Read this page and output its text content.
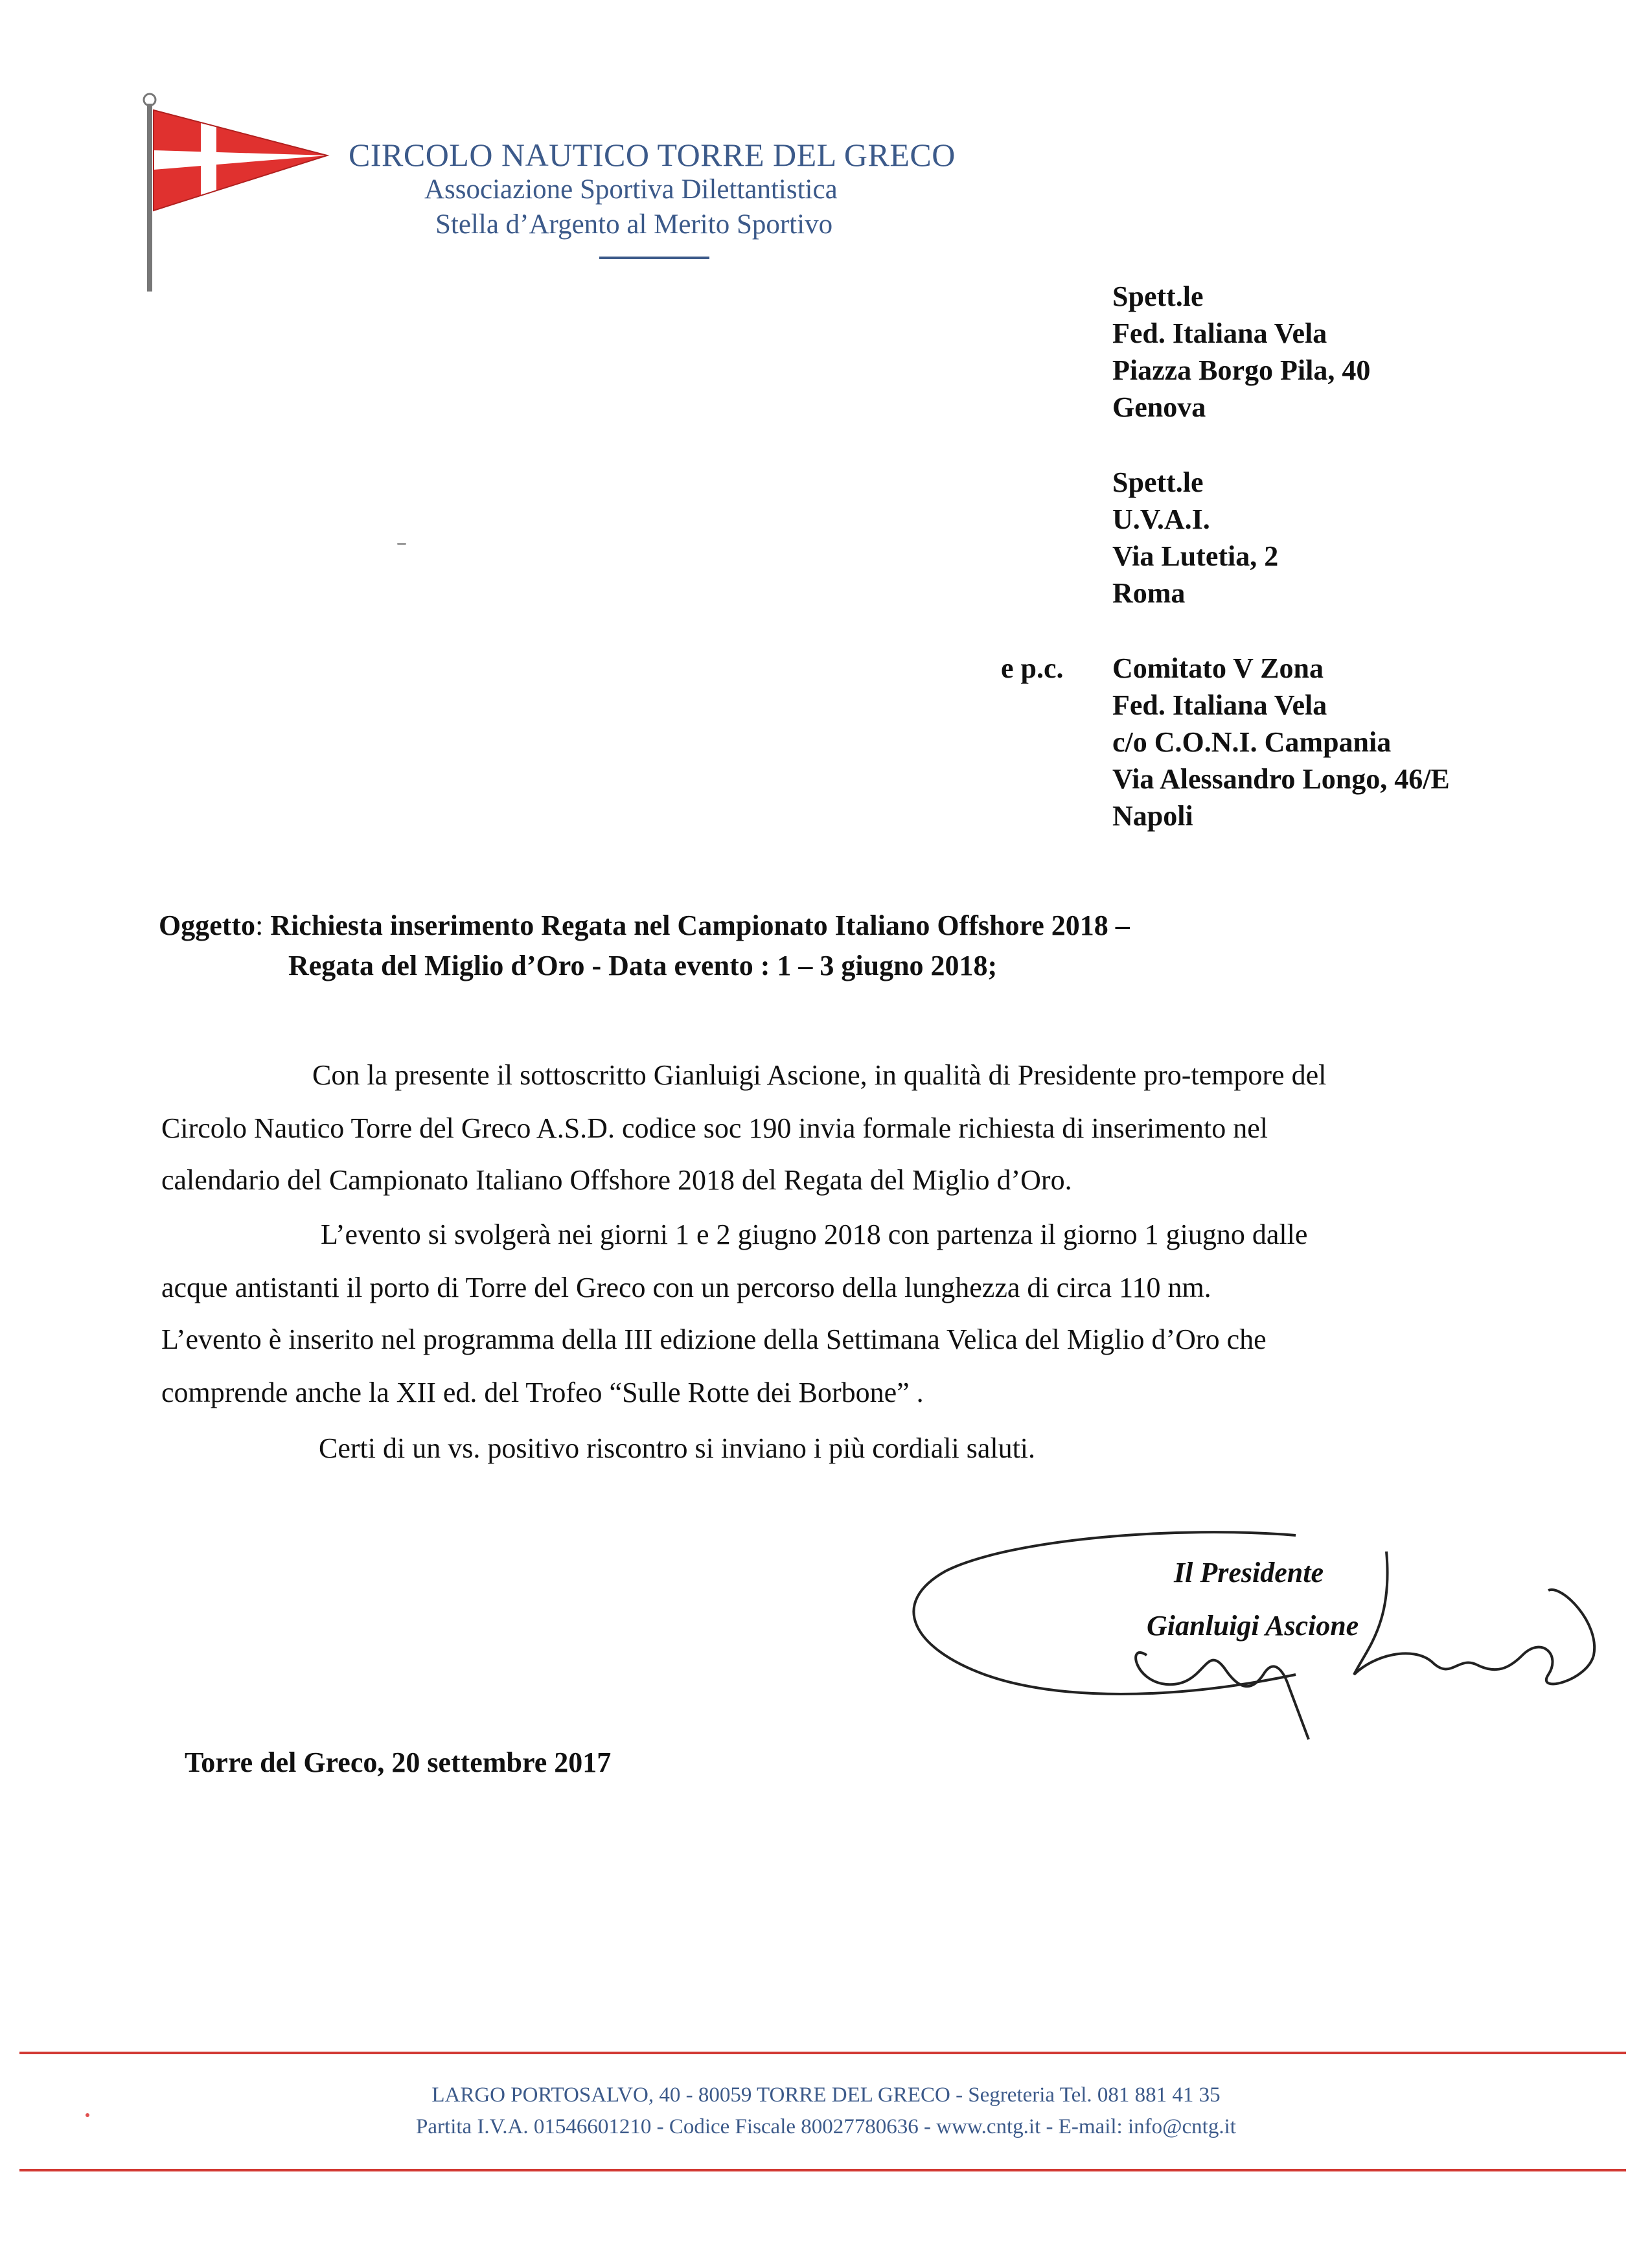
CIRCOLO NAUTICO TORRE DEL GRECO
Associazione Sportiva Dilettantistica
Stella d’Argento al Merito Sportivo
Spett.le
Fed. Italiana Vela
Piazza Borgo Pila, 40
Genova
Spett.le
U.V.A.I.
Via Lutetia, 2
Roma
e p.c. Comitato V Zona
Fed. Italiana Vela
c/o C.O.N.I. Campania
Via Alessandro Longo, 46/E
Napoli
Oggetto: Richiesta inserimento Regata nel Campionato Italiano Offshore 2018 –
Regata del Miglio d’Oro - Data evento : 1 – 3 giugno 2018;
Con la presente il sottoscritto Gianluigi Ascione, in qualità di Presidente pro-tempore del
Circolo Nautico Torre del Greco A.S.D. codice soc 190 invia formale richiesta di inserimento nel
calendario del Campionato Italiano Offshore 2018 del Regata del Miglio d’Oro.
L’evento si svolgerà nei giorni 1 e 2 giugno 2018 con partenza il giorno 1 giugno dalle
acque antistanti il porto di Torre del Greco con un percorso della lunghezza di circa 110 nm.
L’evento è inserito nel programma della III edizione della Settimana Velica del Miglio d’Oro che
comprende anche la XII ed. del Trofeo “Sulle Rotte dei Borbone” .
Certi di un vs. positivo riscontro si inviano i più cordiali saluti.
Il Presidente
Gianluigi Ascione
Torre del Greco, 20 settembre 2017
LARGO PORTOSALVO, 40 - 80059 TORRE DEL GRECO - Segreteria Tel. 081 881 41 35
Partita I.V.A. 01546601210 - Codice Fiscale 80027780636 - www.cntg.it - E-mail: info@cntg.it
